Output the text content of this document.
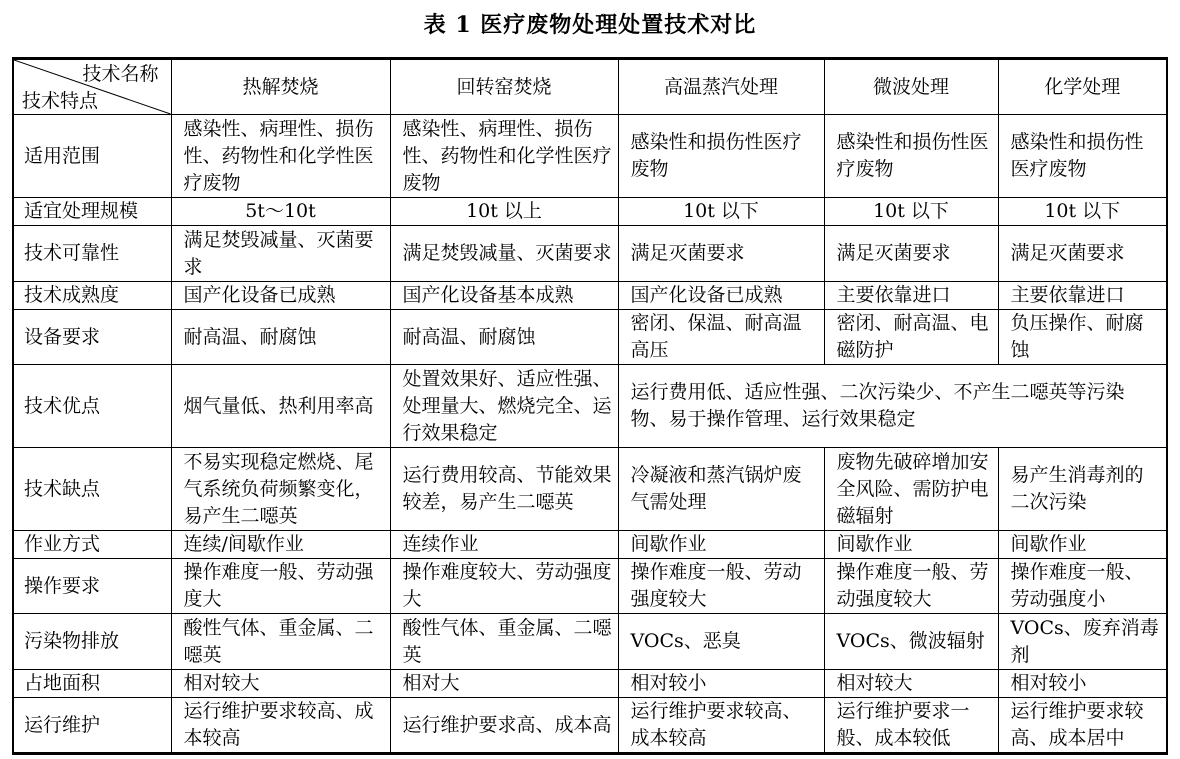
表 1 医疗废物处理处置技术对比
技术名称
技术特点	热解焚烧	回转窑焚烧	高温蒸汽处理	微波处理	化学处理
适用范围	感染性、病理性、损伤性、药物性和化学性医疗废物	感染性、病理性、损伤性、药物性和化学性医疗废物	感染性和损伤性医疗废物	感染性和损伤性医疗废物	感染性和损伤性医疗废物
适宜处理规模	5t～10t	10t 以上	10t 以下	10t 以下	10t 以下
技术可靠性	满足焚毁减量、灭菌要求	满足焚毁减量、灭菌要求	满足灭菌要求	满足灭菌要求	满足灭菌要求
技术成熟度	国产化设备已成熟	国产化设备基本成熟	国产化设备已成熟	主要依靠进口	主要依靠进口
设备要求	耐高温、耐腐蚀	耐高温、耐腐蚀	密闭、保温、耐高温高压	密闭、耐高温、电磁防护	负压操作、耐腐蚀
技术优点	烟气量低、热利用率高	处置效果好、适应性强、处理量大、燃烧完全、运行效果稳定	运行费用低、适应性强、二次污染少、不产生二噁英等污染物、易于操作管理、运行效果稳定		
技术缺点	不易实现稳定燃烧、尾气系统负荷频繁变化，易产生二噁英	运行费用较高、节能效果较差，易产生二噁英	冷凝液和蒸汽锅炉废气需处理	废物先破碎增加安全风险、需防护电磁辐射	易产生消毒剂的二次污染
作业方式	连续/间歇作业	连续作业	间歇作业	间歇作业	间歇作业
操作要求	操作难度一般、劳动强度大	操作难度较大、劳动强度大	操作难度一般、劳动强度较大	操作难度一般、劳动强度较大	操作难度一般、劳动强度小
污染物排放	酸性气体、重金属、二噁英	酸性气体、重金属、二噁英	VOCs、恶臭	VOCs、微波辐射	VOCs、废弃消毒剂
占地面积	相对较大	相对大	相对较小	相对较大	相对较小
运行维护	运行维护要求较高、成本较高	运行维护要求高、成本高	运行维护要求较高、成本较高	运行维护要求一般、成本较低	运行维护要求较高、成本居中
